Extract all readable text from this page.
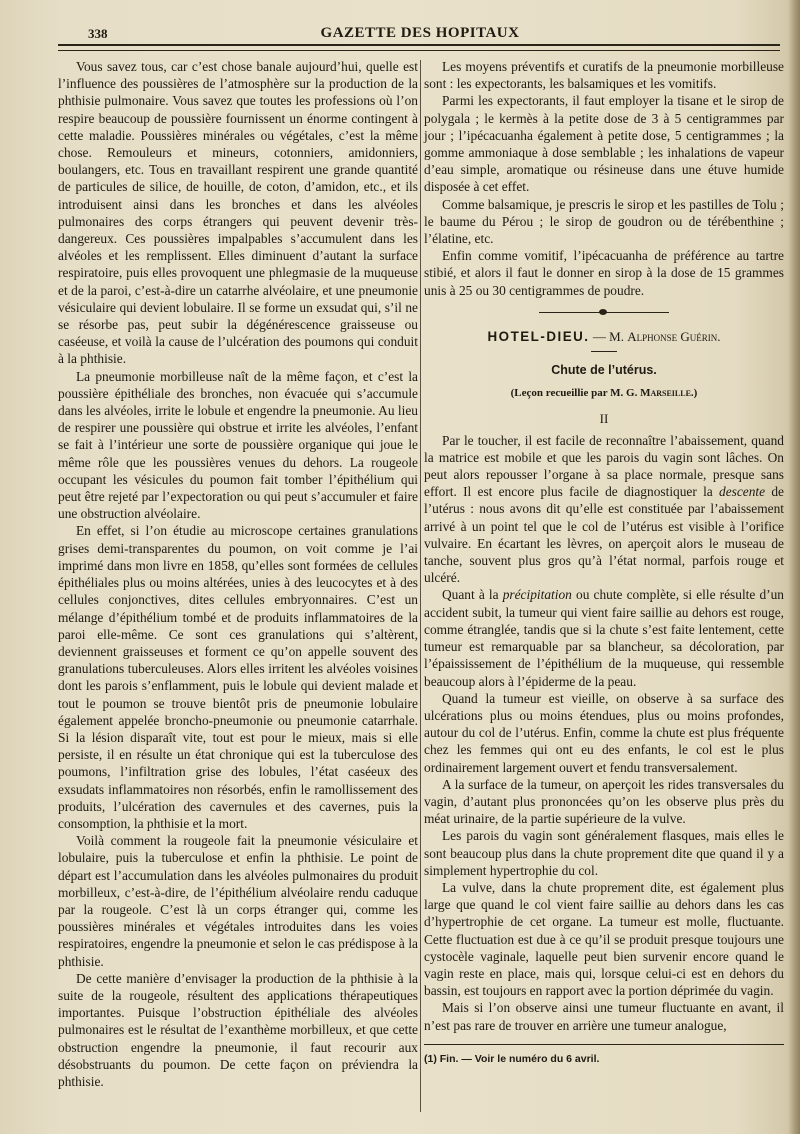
338	GAZETTE DES HOPITAUX

Vous savez tous, car c’est chose banale aujourd’hui, quelle est l’influence des poussières de l’atmosphère sur la production de la phthisie pulmonaire. Vous savez que toutes les professions où l’on respire beaucoup de poussière fournissent un énorme contingent à cette maladie. Poussières minérales ou végétales, c’est la même chose. Remouleurs et mineurs, cotonniers, amidonniers, boulangers, etc. Tous en travaillant respirent une grande quantité de particules de silice, de houille, de coton, d’amidon, etc., et ils introduisent ainsi dans les bronches et dans les alvéoles pulmonaires des corps étrangers qui peuvent devenir très-dangereux. Ces poussières impalpables s’accumulent dans les alvéoles et les remplissent. Elles diminuent d’autant la surface respiratoire, puis elles provoquent une phlegmasie de la muqueuse et de la paroi, c’est-à-dire un catarrhe alvéolaire, et une pneumonie vésiculaire qui devient lobulaire. Il se forme un exsudat qui, s’il ne se résorbe pas, peut subir la dégénérescence graisseuse ou caséeuse, et voilà la cause de l’ulcération des poumons qui conduit à la phthisie.

La pneumonie morbilleuse naît de la même façon, et c’est la poussière épithéliale des bronches, non évacuée qui s’accumule dans les alvéoles, irrite le lobule et engendre la pneumonie. Au lieu de respirer une poussière qui obstrue et irrite les alvéoles, l’enfant se fait à l’intérieur une sorte de poussière organique qui joue le même rôle que les poussières venues du dehors. La rougeole occupant les vésicules du poumon fait tomber l’épithélium qui peut être rejeté par l’expectoration ou qui peut s’accumuler et faire une obstruction alvéolaire.

En effet, si l’on étudie au microscope certaines granulations grises demi-transparentes du poumon, on voit comme je l’ai imprimé dans mon livre en 1858, qu’elles sont formées de cellules épithéliales plus ou moins altérées, unies à des leucocytes et à des cellules conjonctives, dites cellules embryonnaires. C’est un mélange d’épithélium tombé et de produits inflammatoires de la paroi elle-même. Ce sont ces granulations qui s’altèrent, deviennent graisseuses et forment ce qu’on appelle souvent des granulations tuberculeuses. Alors elles irritent les alvéoles voisines dont les parois s’enflamment, puis le lobule qui devient malade et tout le poumon se trouve bientôt pris de pneumonie lobulaire également appelée broncho-pneumonie ou pneumonie catarrhale. Si la lésion disparaît vite, tout est pour le mieux, mais si elle persiste, il en résulte un état chronique qui est la tuberculose des poumons, l’infiltration grise des lobules, l’état caséeux des exsudats inflammatoires non résorbés, enfin le ramollissement des produits, l’ulcération des cavernules et des cavernes, puis la consomption, la phthisie et la mort.

Voilà comment la rougeole fait la pneumonie vésiculaire et lobulaire, puis la tuberculose et enfin la phthisie. Le point de départ est l’accumulation dans les alvéoles pulmonaires du produit morbilleux, c’est-à-dire, de l’épithélium alvéolaire rendu caduque par la rougeole. C’est là un corps étranger qui, comme les poussières minérales et végétales introduites dans les voies respiratoires, engendre la pneumonie et selon le cas prédispose à la phthisie.

De cette manière d’envisager la production de la phthisie à la suite de la rougeole, résultent des applications thérapeutiques importantes. Puisque l’obstruction épithéliale des alvéoles pulmonaires est le résultat de l’exanthème morbilleux, et que cette obstruction engendre la pneumonie, il faut recourir aux désobstruants du poumon. De cette façon on préviendra la phthisie.

Les moyens préventifs et curatifs de la pneumonie morbilleuse sont : les expectorants, les balsamiques et les vomitifs.

Parmi les expectorants, il faut employer la tisane et le sirop de polygala ; le kermès à la petite dose de 3 à 5 centigrammes par jour ; l’ipécacuanha également à petite dose, 5 centigrammes ; la gomme ammoniaque à dose semblable ; les inhalations de vapeur d’eau simple, aromatique ou résineuse dans une étuve humide disposée à cet effet.

Comme balsamique, je prescris le sirop et les pastilles de Tolu ; le baume du Pérou ; le sirop de goudron ou de térébenthine ; l’élatine, etc.

Enfin comme vomitif, l’ipécacuanha de préférence au tartre stibié, et alors il faut le donner en sirop à la dose de 15 grammes unis à 25 ou 30 centigrammes de poudre.

HOTEL-DIEU. — M. Alphonse Guérin.
Chute de l’utérus.
(Leçon recueillie par M. G. Marseille.)
II

Par le toucher, il est facile de reconnaître l’abaissement, quand la matrice est mobile et que les parois du vagin sont lâches. On peut alors repousser l’organe à sa place normale, presque sans effort. Il est encore plus facile de diagnostiquer la descente de l’utérus : nous avons dit qu’elle est constituée par l’abaissement arrivé à un point tel que le col de l’utérus est visible à l’orifice vulvaire. En écartant les lèvres, on aperçoit alors le museau de tanche, souvent plus gros qu’à l’état normal, parfois rouge et ulcéré.

Quant à la précipitation ou chute complète, si elle résulte d’un accident subit, la tumeur qui vient faire saillie au dehors est rouge, comme étranglée, tandis que si la chute s’est faite lentement, cette tumeur est remarquable par sa blancheur, sa décoloration, par l’épaississement de l’épithélium de la muqueuse, qui ressemble beaucoup alors à l’épiderme de la peau.

Quand la tumeur est vieille, on observe à sa surface des ulcérations plus ou moins étendues, plus ou moins profondes, autour du col de l’utérus. Enfin, comme la chute est plus fréquente chez les femmes qui ont eu des enfants, le col est le plus ordinairement largement ouvert et fendu transversalement.

A la surface de la tumeur, on aperçoit les rides transversales du vagin, d’autant plus prononcées qu’on les observe plus près du méat urinaire, de la partie supérieure de la vulve.

Les parois du vagin sont généralement flasques, mais elles le sont beaucoup plus dans la chute proprement dite que quand il y a simplement hypertrophie du col.

La vulve, dans la chute proprement dite, est également plus large que quand le col vient faire saillie au dehors dans les cas d’hypertrophie de cet organe. La tumeur est molle, fluctuante. Cette fluctuation est due à ce qu’il se produit presque toujours une cystocèle vaginale, laquelle peut bien survenir encore quand le vagin reste en place, mais qui, lorsque celui-ci est en dehors du bassin, est toujours en rapport avec la portion déprimée du vagin.

Mais si l’on observe ainsi une tumeur fluctuante en avant, il n’est pas rare de trouver en arrière une tumeur analogue,

(1) Fin. — Voir le numéro du 6 avril.
